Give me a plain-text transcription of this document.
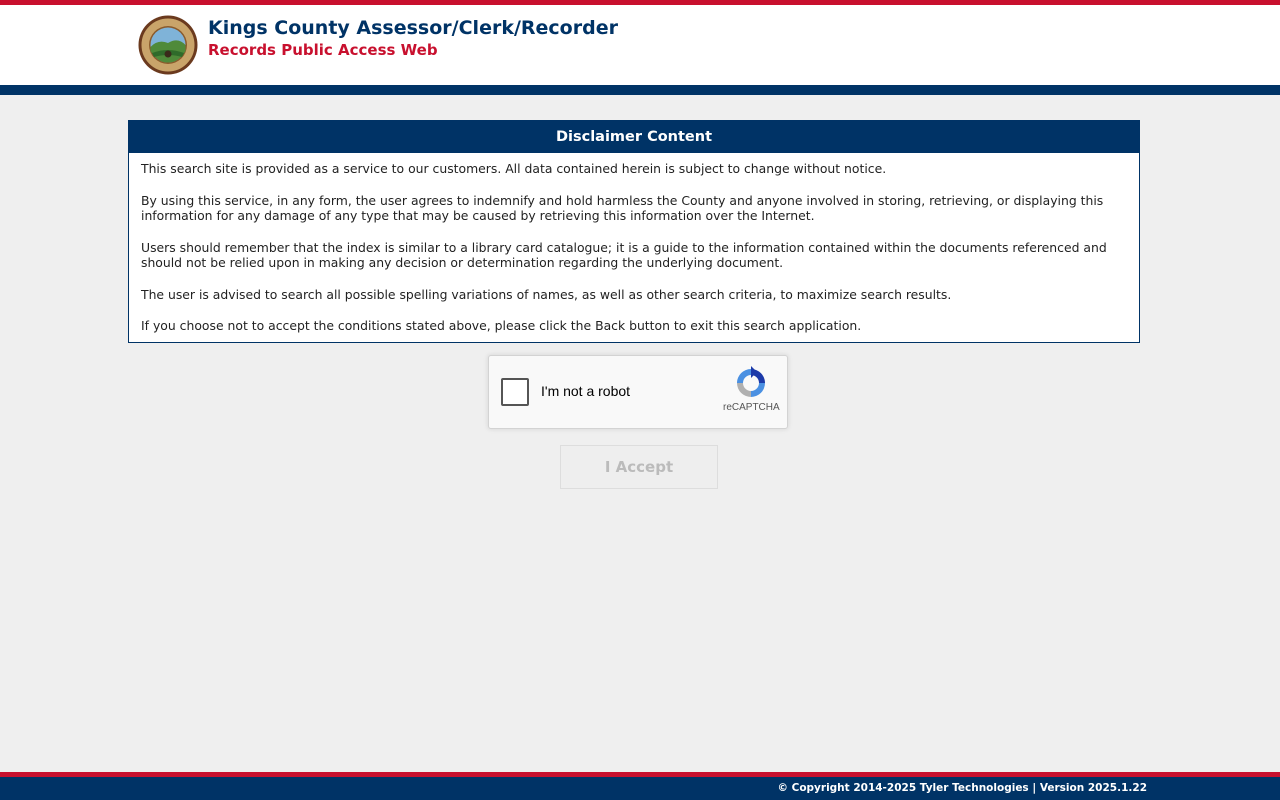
Kings County Assessor/Clerk/Recorder
Records Public Access Web
Disclaimer Content

This search site is provided as a service to our customers. All data contained herein is subject to change without notice.

By using this service, in any form, the user agrees to indemnify and hold harmless the County and anyone involved in storing, retrieving, or displaying this information for any damage of any type that may be caused by retrieving this information over the Internet.

Users should remember that the index is similar to a library card catalogue; it is a guide to the information contained within the documents referenced and should not be relied upon in making any decision or determination regarding the underlying document.

The user is advised to search all possible spelling variations of names, as well as other search criteria, to maximize search results.

If you choose not to accept the conditions stated above, please click the Back button to exit this search application.

I'm not a robot
reCAPTCHA
I Accept
© Copyright 2014-2025 Tyler Technologies | Version 2025.1.22
